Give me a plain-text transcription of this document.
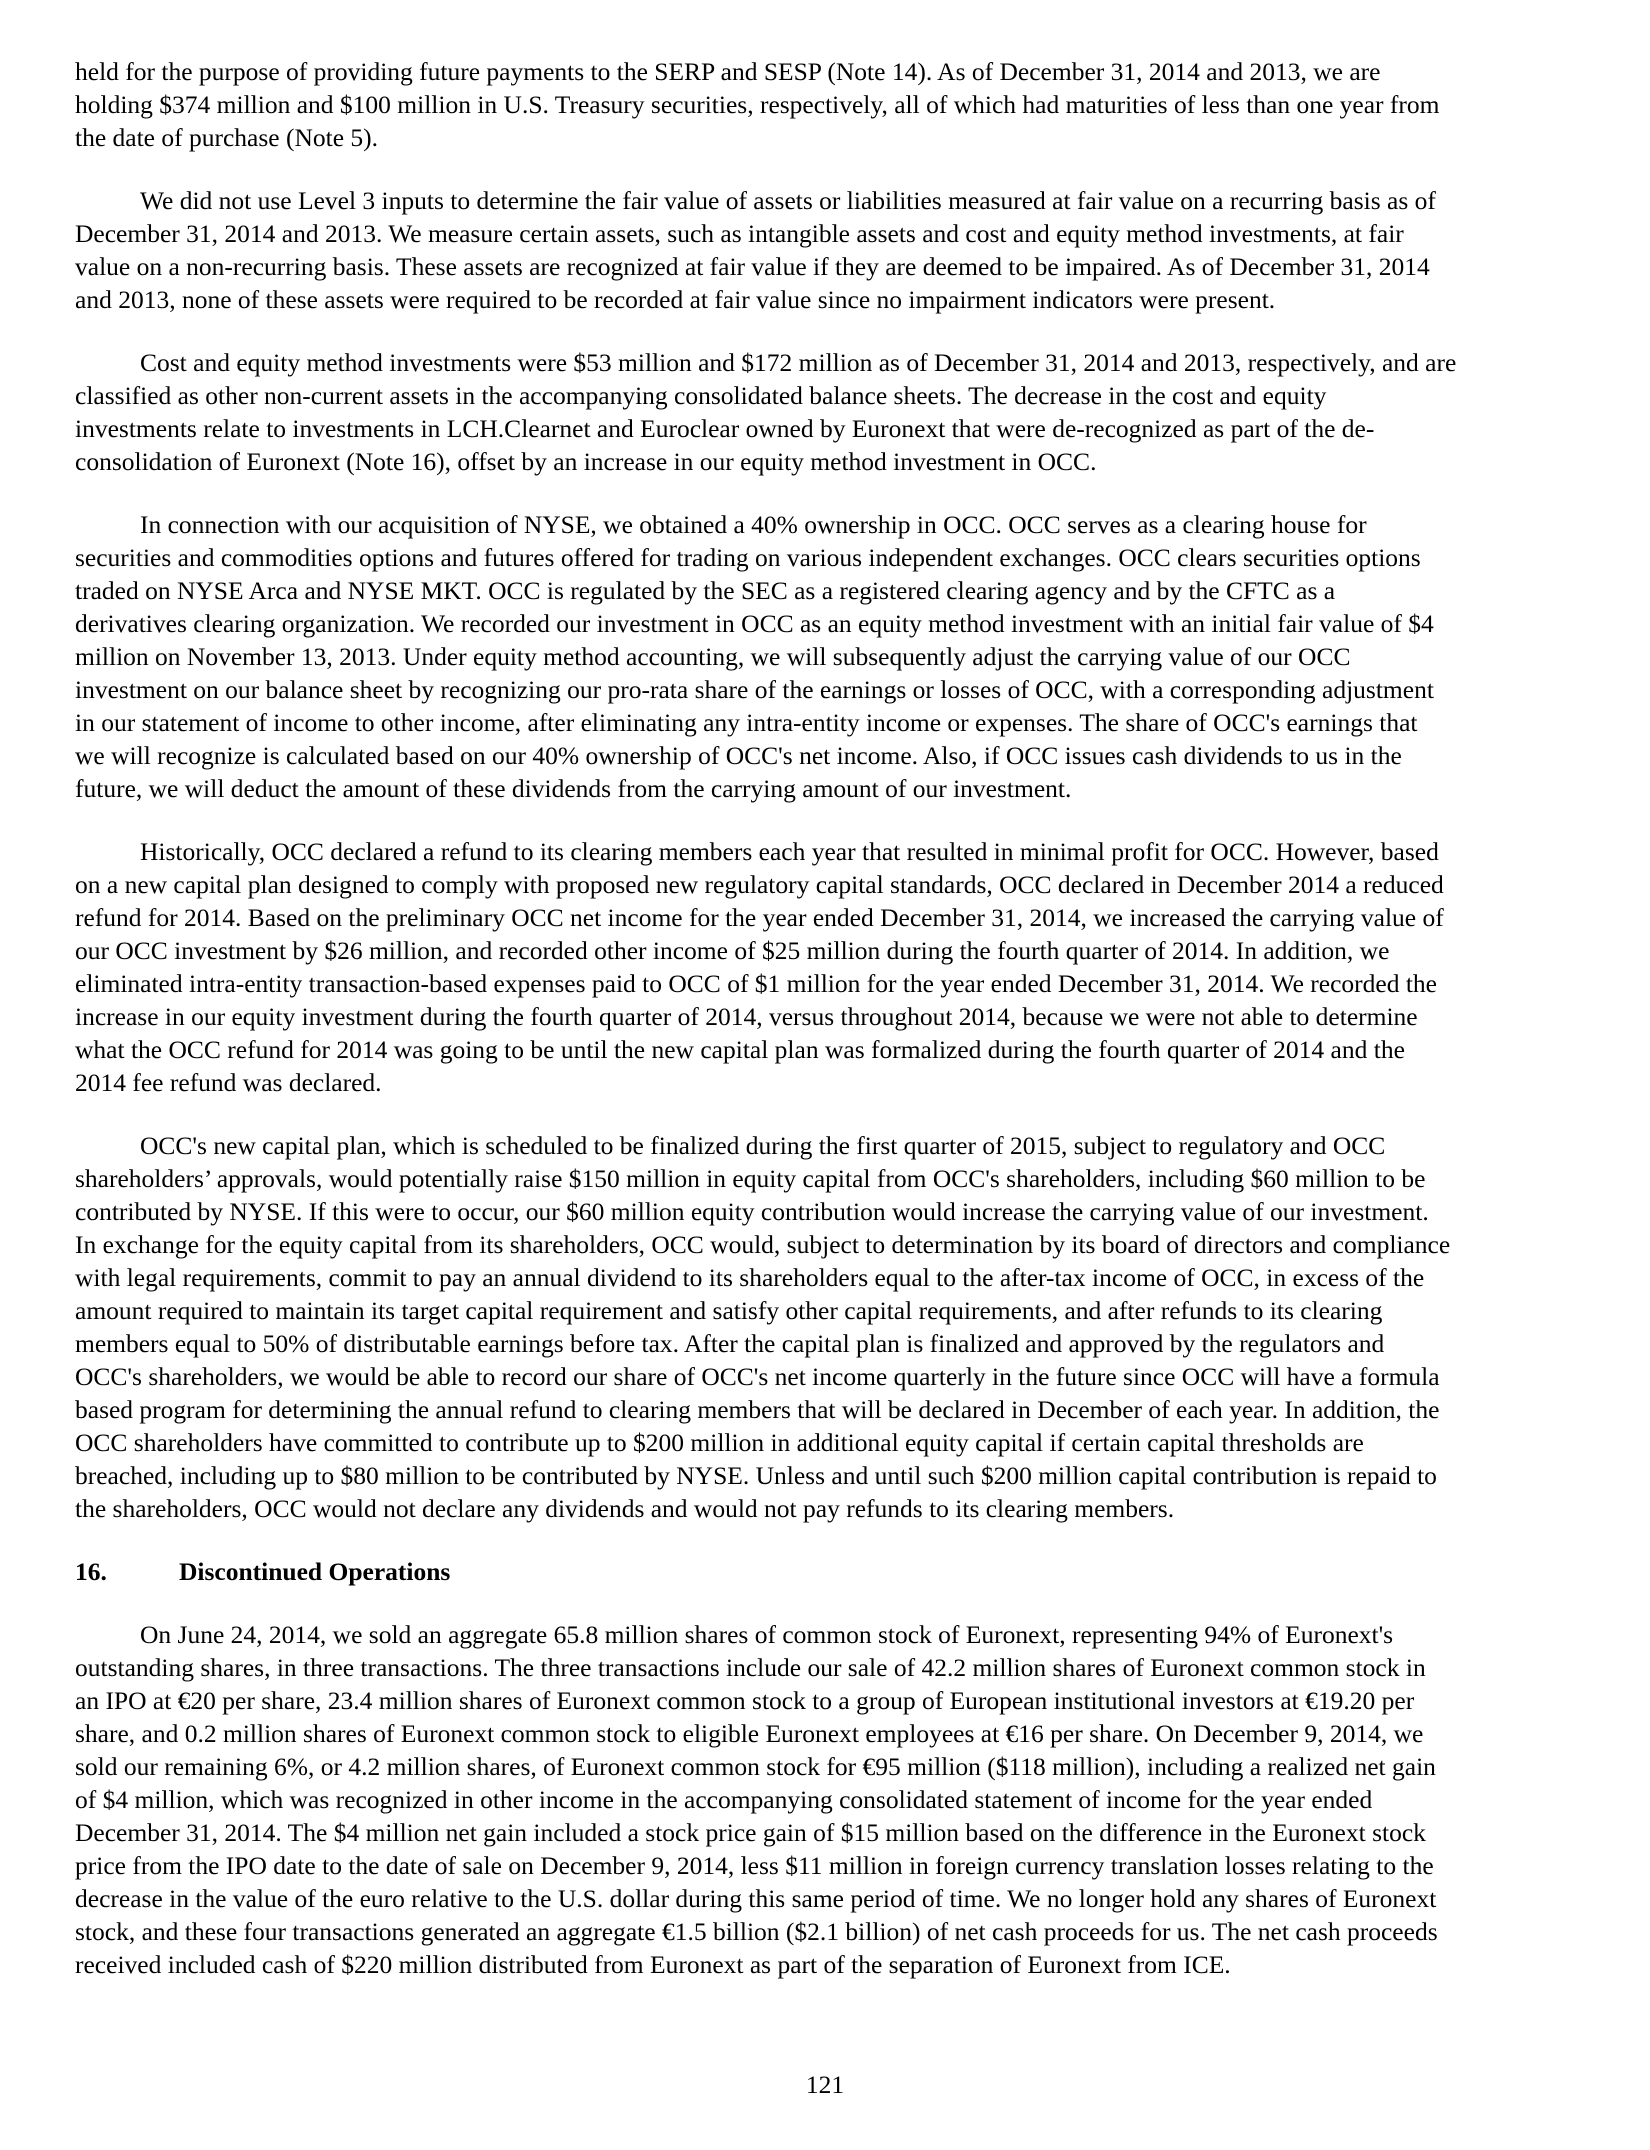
held for the purpose of providing future payments to the SERP and SESP (Note 14). As of December 31, 2014 and 2013, we are
holding $374 million and $100 million in U.S. Treasury securities, respectively, all of which had maturities of less than one year from
the date of purchase (Note 5).
We did not use Level 3 inputs to determine the fair value of assets or liabilities measured at fair value on a recurring basis as of
December 31, 2014 and 2013. We measure certain assets, such as intangible assets and cost and equity method investments, at fair
value on a non-recurring basis. These assets are recognized at fair value if they are deemed to be impaired. As of December 31, 2014
and 2013, none of these assets were required to be recorded at fair value since no impairment indicators were present.
Cost and equity method investments were $53 million and $172 million as of December 31, 2014 and 2013, respectively, and are
classified as other non-current assets in the accompanying consolidated balance sheets. The decrease in the cost and equity
investments relate to investments in LCH.Clearnet and Euroclear owned by Euronext that were de-recognized as part of the de-
consolidation of Euronext (Note 16), offset by an increase in our equity method investment in OCC.
In connection with our acquisition of NYSE, we obtained a 40% ownership in OCC. OCC serves as a clearing house for
securities and commodities options and futures offered for trading on various independent exchanges. OCC clears securities options
traded on NYSE Arca and NYSE MKT. OCC is regulated by the SEC as a registered clearing agency and by the CFTC as a
derivatives clearing organization. We recorded our investment in OCC as an equity method investment with an initial fair value of $4
million on November 13, 2013. Under equity method accounting, we will subsequently adjust the carrying value of our OCC
investment on our balance sheet by recognizing our pro-rata share of the earnings or losses of OCC, with a corresponding adjustment
in our statement of income to other income, after eliminating any intra-entity income or expenses. The share of OCC's earnings that
we will recognize is calculated based on our 40% ownership of OCC's net income. Also, if OCC issues cash dividends to us in the
future, we will deduct the amount of these dividends from the carrying amount of our investment.
Historically, OCC declared a refund to its clearing members each year that resulted in minimal profit for OCC. However, based
on a new capital plan designed to comply with proposed new regulatory capital standards, OCC declared in December 2014 a reduced
refund for 2014. Based on the preliminary OCC net income for the year ended December 31, 2014, we increased the carrying value of
our OCC investment by $26 million, and recorded other income of $25 million during the fourth quarter of 2014. In addition, we
eliminated intra-entity transaction-based expenses paid to OCC of $1 million for the year ended December 31, 2014. We recorded the
increase in our equity investment during the fourth quarter of 2014, versus throughout 2014, because we were not able to determine
what the OCC refund for 2014 was going to be until the new capital plan was formalized during the fourth quarter of 2014 and the
2014 fee refund was declared.
OCC's new capital plan, which is scheduled to be finalized during the first quarter of 2015, subject to regulatory and OCC
shareholders’ approvals, would potentially raise $150 million in equity capital from OCC's shareholders, including $60 million to be
contributed by NYSE. If this were to occur, our $60 million equity contribution would increase the carrying value of our investment.
In exchange for the equity capital from its shareholders, OCC would, subject to determination by its board of directors and compliance
with legal requirements, commit to pay an annual dividend to its shareholders equal to the after-tax income of OCC, in excess of the
amount required to maintain its target capital requirement and satisfy other capital requirements, and after refunds to its clearing
members equal to 50% of distributable earnings before tax. After the capital plan is finalized and approved by the regulators and
OCC's shareholders, we would be able to record our share of OCC's net income quarterly in the future since OCC will have a formula
based program for determining the annual refund to clearing members that will be declared in December of each year. In addition, the
OCC shareholders have committed to contribute up to $200 million in additional equity capital if certain capital thresholds are
breached, including up to $80 million to be contributed by NYSE. Unless and until such $200 million capital contribution is repaid to
the shareholders, OCC would not declare any dividends and would not pay refunds to its clearing members.
16.	Discontinued Operations
On June 24, 2014, we sold an aggregate 65.8 million shares of common stock of Euronext, representing 94% of Euronext's
outstanding shares, in three transactions. The three transactions include our sale of 42.2 million shares of Euronext common stock in
an IPO at €20 per share, 23.4 million shares of Euronext common stock to a group of European institutional investors at €19.20 per
share, and 0.2 million shares of Euronext common stock to eligible Euronext employees at €16 per share. On December 9, 2014, we
sold our remaining 6%, or 4.2 million shares, of Euronext common stock for €95 million ($118 million), including a realized net gain
of $4 million, which was recognized in other income in the accompanying consolidated statement of income for the year ended
December 31, 2014. The $4 million net gain included a stock price gain of $15 million based on the difference in the Euronext stock
price from the IPO date to the date of sale on December 9, 2014, less $11 million in foreign currency translation losses relating to the
decrease in the value of the euro relative to the U.S. dollar during this same period of time. We no longer hold any shares of Euronext
stock, and these four transactions generated an aggregate €1.5 billion ($2.1 billion) of net cash proceeds for us. The net cash proceeds
received included cash of $220 million distributed from Euronext as part of the separation of Euronext from ICE.
121
